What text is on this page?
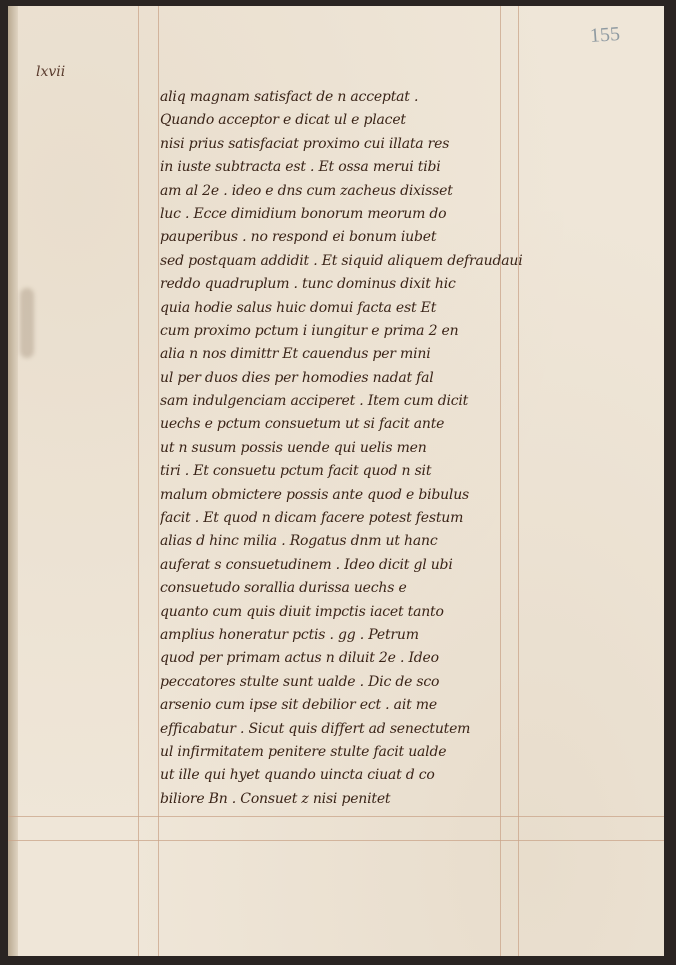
155
lxvii
aliq magnam satisfact de n acceptat .
Quando acceptor e dicat ul e placet
nisi prius satisfaciat proximo cui illata res
in iuste subtracta est . Et ossa merui tibi
am al 2e . ideo e dns cum zacheus dixisset
luc . Ecce dimidium bonorum meorum do
pauperibus . no respond ei bonum iubet
sed postquam addidit . Et siquid aliquem defraudaui
reddo quadruplum . tunc dominus dixit hic
quia hodie salus huic domui facta est Et
cum proximo pctum i iungitur e prima 2 en
alia n nos dimittr Et cauendus per mini
ul per duos dies per homodies nadat fal
sam indulgenciam acciperet . Item cum dicit
uechs e pctum consuetum ut si facit ante
ut n susum possis uende qui uelis men
tiri . Et consuetu pctum facit quod n sit
malum obmictere possis ante quod e bibulus
facit . Et quod n dicam facere potest festum
alias d hinc milia . Rogatus dnm ut hanc
auferat s consuetudinem . Ideo dicit gl ubi
consuetudo sorallia durissa uechs e
quanto cum quis diuit impctis iacet tanto
amplius honeratur pctis . gg . Petrum
quod per primam actus n diluit 2e . Ideo
peccatores stulte sunt ualde . Dic de sco
arsenio cum ipse sit debilior ect . ait me
efficabatur . Sicut quis differt ad senectutem
ul infirmitatem penitere stulte facit ualde
ut ille qui hyet quando uincta ciuat d co
biliore Bn . Consuet z nisi penitet
